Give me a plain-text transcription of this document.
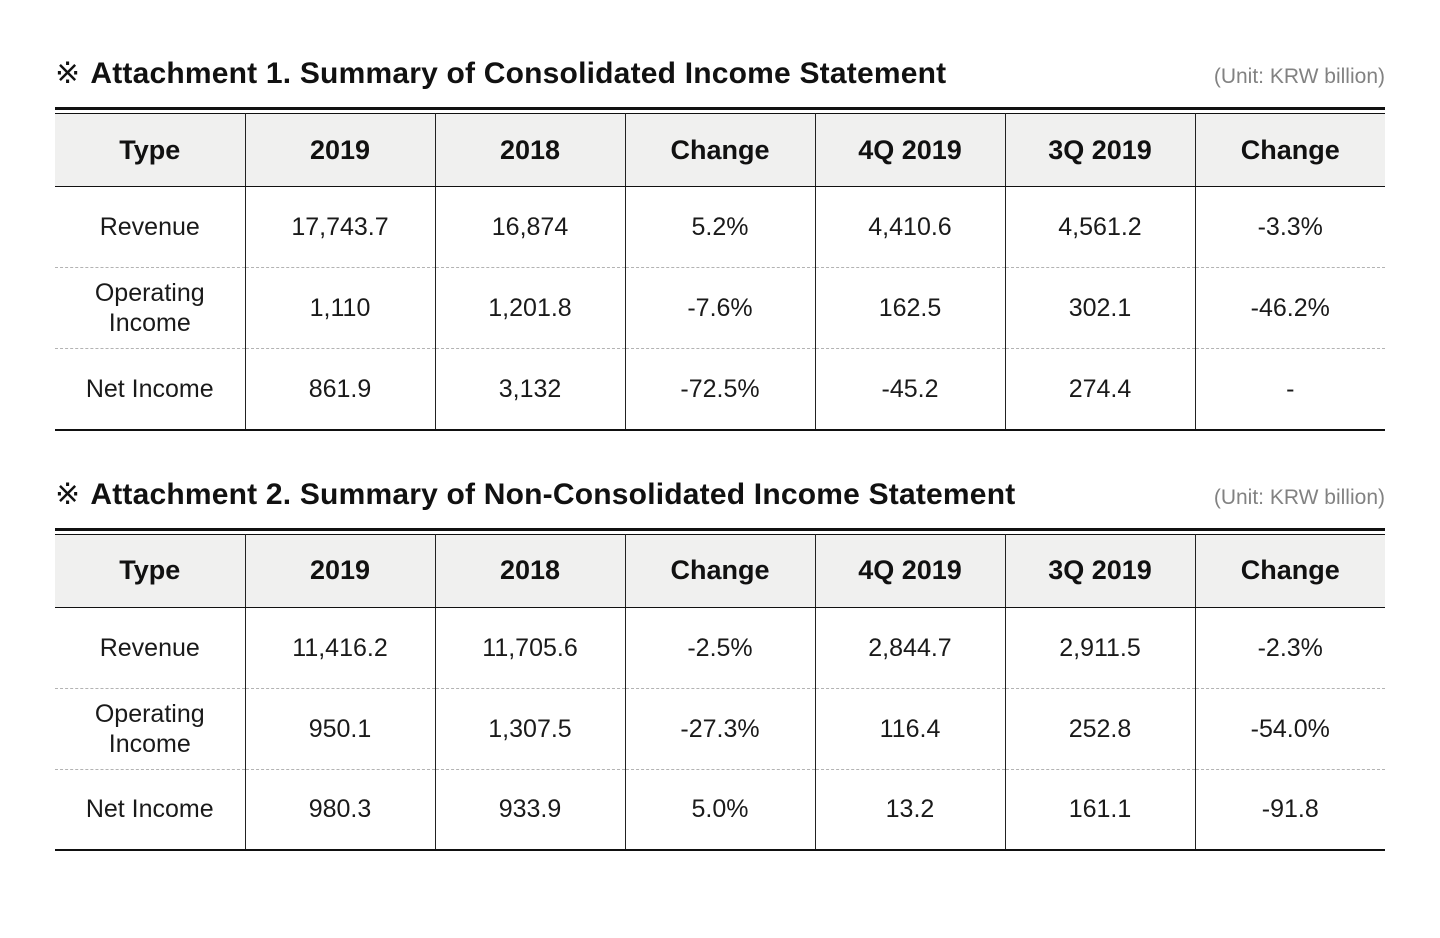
※ Attachment 1. Summary of Consolidated Income Statement	(Unit: KRW billion)
Type	2019	2018	Change	4Q 2019	3Q 2019	Change
Revenue	17,743.7	16,874	5.2%	4,410.6	4,561.2	-3.3%
Operating Income	1,110	1,201.8	-7.6%	162.5	302.1	-46.2%
Net Income	861.9	3,132	-72.5%	-45.2	274.4	-
※ Attachment 2. Summary of Non-Consolidated Income Statement	(Unit: KRW billion)
Type	2019	2018	Change	4Q 2019	3Q 2019	Change
Revenue	11,416.2	11,705.6	-2.5%	2,844.7	2,911.5	-2.3%
Operating Income	950.1	1,307.5	-27.3%	116.4	252.8	-54.0%
Net Income	980.3	933.9	5.0%	13.2	161.1	-91.8
